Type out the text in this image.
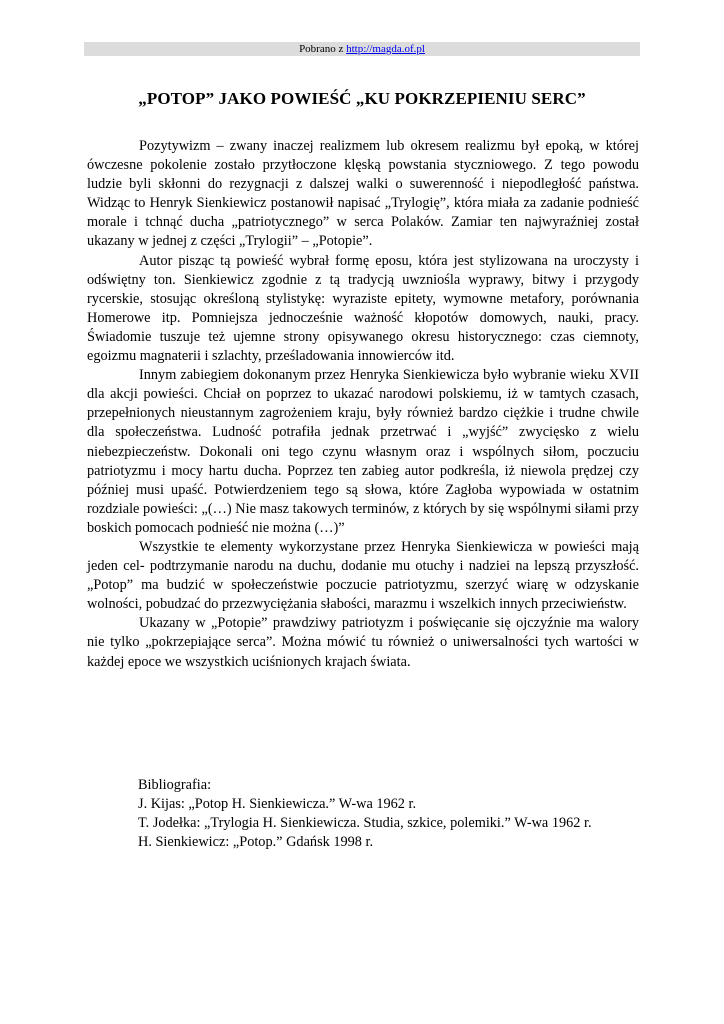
Pobrano z http://magda.of.pl
„POTOP” JAKO POWIEŚĆ „KU POKRZEPIENIU SERC”

Pozytywizm – zwany inaczej realizmem lub okresem realizmu był epoką, w której ówczesne pokolenie zostało przytłoczone klęską powstania styczniowego. Z tego powodu ludzie byli skłonni do rezygnacji z dalszej walki o suwerenność i niepodległość państwa. Widząc to Henryk Sienkiewicz postanowił napisać „Trylogię”, która miała za zadanie podnieść morale i tchnąć ducha „patriotycznego” w serca Polaków. Zamiar ten najwyraźniej został ukazany w jednej z części „Trylogii” – „Potopie”.

Autor pisząc tą powieść wybrał formę eposu, która jest stylizowana na uroczysty i odświętny ton. Sienkiewicz zgodnie z tą tradycją uwzniośla wyprawy, bitwy i przygody rycerskie, stosując określoną stylistykę: wyraziste epitety, wymowne metafory, porównania Homerowe itp. Pomniejsza jednocześnie ważność kłopotów domowych, nauki, pracy. Świadomie tuszuje też ujemne strony opisywanego okresu historycznego: czas ciemnoty, egoizmu magnaterii i szlachty, prześladowania innowierców itd.

Innym zabiegiem dokonanym przez Henryka Sienkiewicza było wybranie wieku XVII dla akcji powieści. Chciał on poprzez to ukazać narodowi polskiemu, iż w tamtych czasach, przepełnionych nieustannym zagrożeniem kraju, były również bardzo ciężkie i trudne chwile dla społeczeństwa. Ludność potrafiła jednak przetrwać i „wyjść” zwycięsko z wielu niebezpieczeństw. Dokonali oni tego czynu własnym oraz i wspólnych siłom, poczuciu patriotyzmu i mocy hartu ducha. Poprzez ten zabieg autor podkreśla, iż niewola prędzej czy później musi upaść. Potwierdzeniem tego są słowa, które Zagłoba wypowiada w ostatnim rozdziale powieści: „(…) Nie masz takowych terminów, z których by się wspólnymi siłami przy boskich pomocach podnieść nie można (…)”

Wszystkie te elementy wykorzystane przez Henryka Sienkiewicza w powieści mają jeden cel- podtrzymanie narodu na duchu, dodanie mu otuchy i nadziei na lepszą przyszłość. „Potop” ma budzić w społeczeństwie poczucie patriotyzmu, szerzyć wiarę w odzyskanie wolności, pobudzać do przezwyciężania słabości, marazmu i wszelkich innych przeciwieństw.

Ukazany w „Potopie” prawdziwy patriotyzm i poświęcanie się ojczyźnie ma walory nie tylko „pokrzepiające serca”. Można mówić tu również o uniwersalności tych wartości w każdej epoce we wszystkich uciśnionych krajach świata.

Bibliografia:
J. Kijas: „Potop H. Sienkiewicza.” W-wa 1962 r.
T. Jodełka: „Trylogia H. Sienkiewicza. Studia, szkice, polemiki.” W-wa 1962 r.
H. Sienkiewicz: „Potop.” Gdańsk 1998 r.
